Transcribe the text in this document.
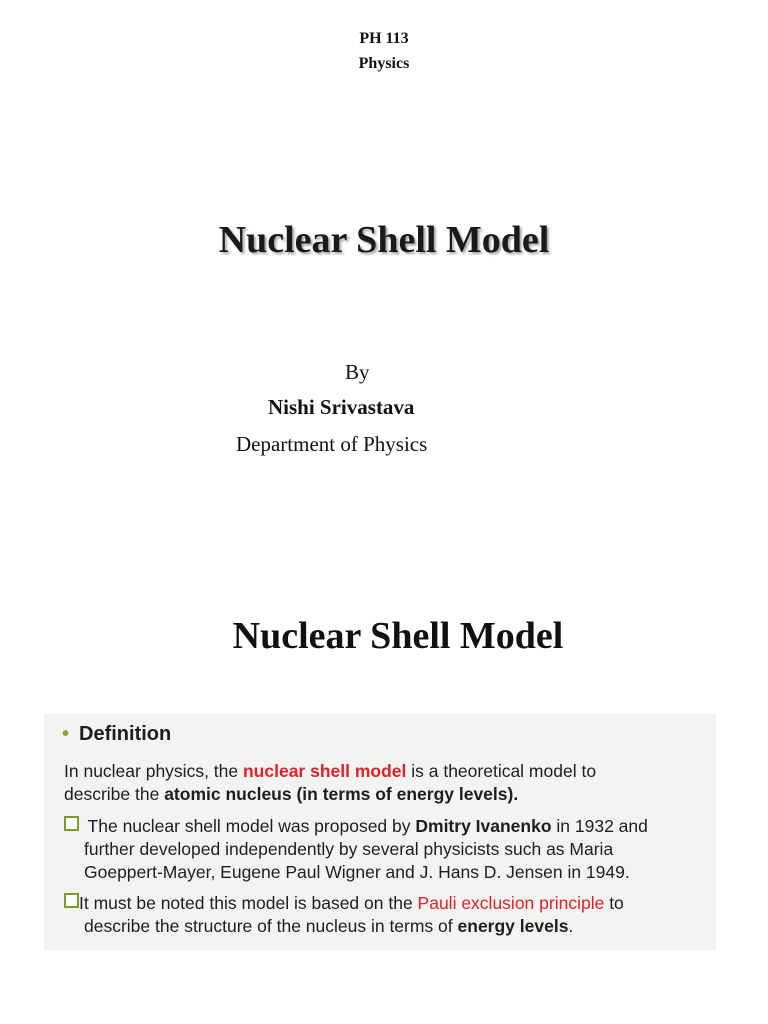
PH 113
Physics
Nuclear Shell Model
By
Nishi Srivastava
Department of Physics
Nuclear Shell Model
• Definition
In nuclear physics, the nuclear shell model is a theoretical model to
describe the atomic nucleus (in terms of energy levels).
The nuclear shell model was proposed by Dmitry Ivanenko in 1932 and
further developed independently by several physicists such as Maria
Goeppert-Mayer, Eugene Paul Wigner and J. Hans D. Jensen in 1949.
It must be noted this model is based on the Pauli exclusion principle to
describe the structure of the nucleus in terms of energy levels.
